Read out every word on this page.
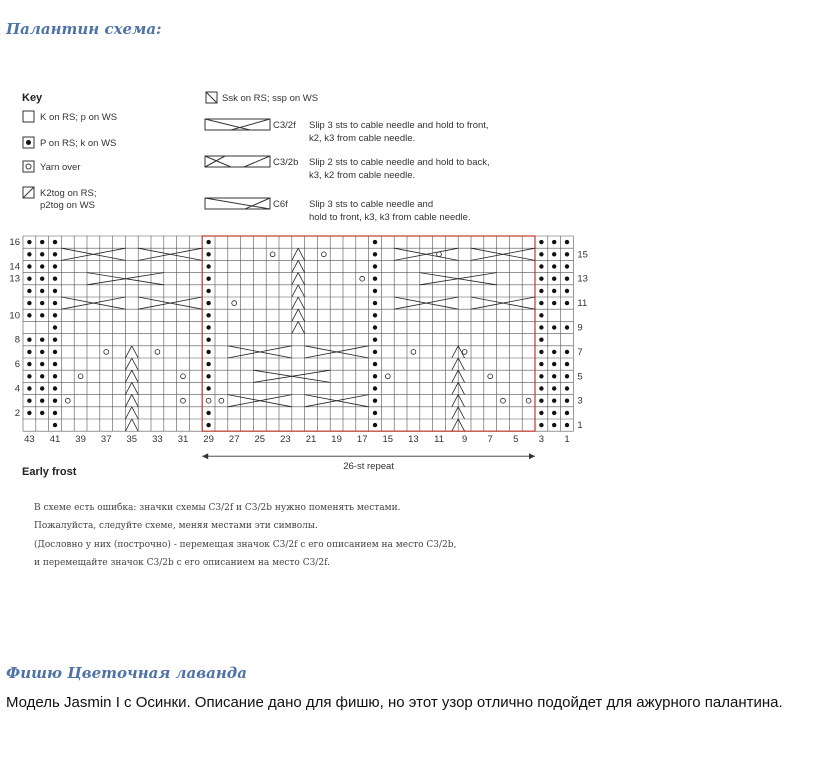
Палантин схема:
Key
K on RS; p on WS
P on RS; k on WS
Yarn over
K2tog on RS;
p2tog on WS
Ssk on RS; ssp on WS
C3/2f Slip 3 sts to cable needle and hold to front,
k2, k3 from cable needle.
C3/2b Slip 2 sts to cable needle and hold to back,
k3, k2 from cable needle.
C6f Slip 3 sts to cable needle and
hold to front, k3, k3 from cable needle.
16
14
13
10
8
6
4
2
15
13
11
9
7
5
3
1
43 41 39 37 35 33 31 29 27 25 23 21 19 17 15 13 11 9 7 5 3 1
26-st repeat
Early frost

В схеме есть ошибка: значки схемы C3/2f и C3/2b нужно поменять местами.

Пожалуйста, следуйте схеме, меняя местами эти символы.

(Дословно у них (построчно) - перемещая значок C3/2f с его описанием на место C3/2b,

и перемещайте значок C3/2b с его описанием на место C3/2f.

Фишю Цветочная лаванда

Модель Jasmin I с Осинки. Описание дано для фишю, но этот узор отлично подойдет для ажурного палантина.
